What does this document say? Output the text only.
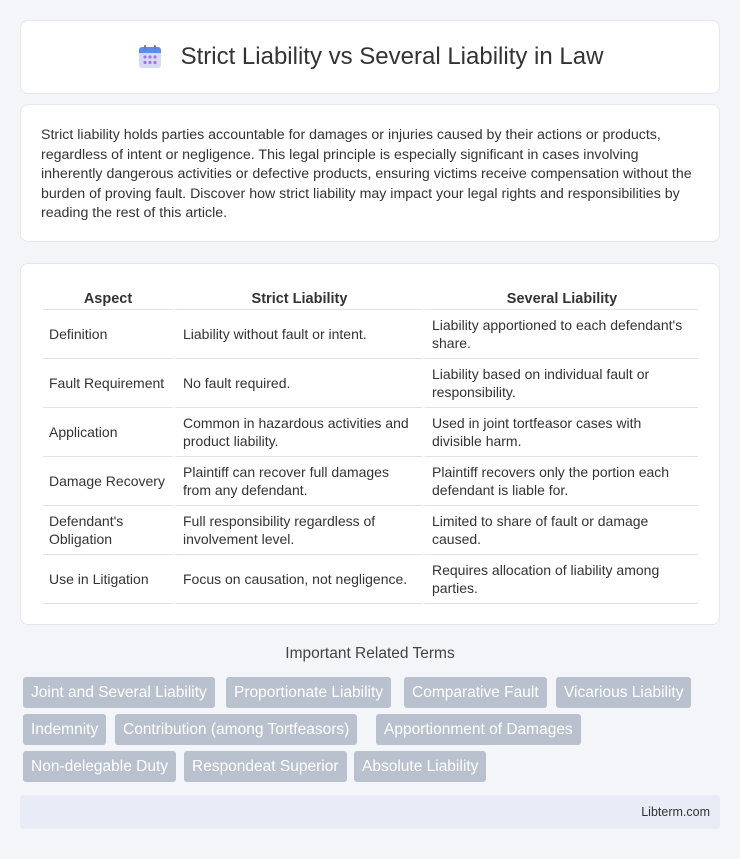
Strict Liability vs Several Liability in Law

Strict liability holds parties accountable for damages or injuries caused by their actions or products, regardless of intent or negligence. This legal principle is especially significant in cases involving inherently dangerous activities or defective products, ensuring victims receive compensation without the burden of proving fault. Discover how strict liability may impact your legal rights and responsibilities by reading the rest of this article.

Aspect	Strict Liability	Several Liability
Definition	Liability without fault or intent.	Liability apportioned to each defendant's share.
Fault Requirement	No fault required.	Liability based on individual fault or responsibility.
Application	Common in hazardous activities and product liability.	Used in joint tortfeasor cases with divisible harm.
Damage Recovery	Plaintiff can recover full damages from any defendant.	Plaintiff recovers only the portion each defendant is liable for.
Defendant's Obligation	Full responsibility regardless of involvement level.	Limited to share of fault or damage caused.
Use in Litigation	Focus on causation, not negligence.	Requires allocation of liability among parties.
Important Related Terms
Joint and Several Liability	Proportionate Liability	Comparative Fault	Vicarious Liability
Indemnity	Contribution (among Tortfeasors)	Apportionment of Damages
Non-delegable Duty	Respondeat Superior	Absolute Liability
Libterm.com
